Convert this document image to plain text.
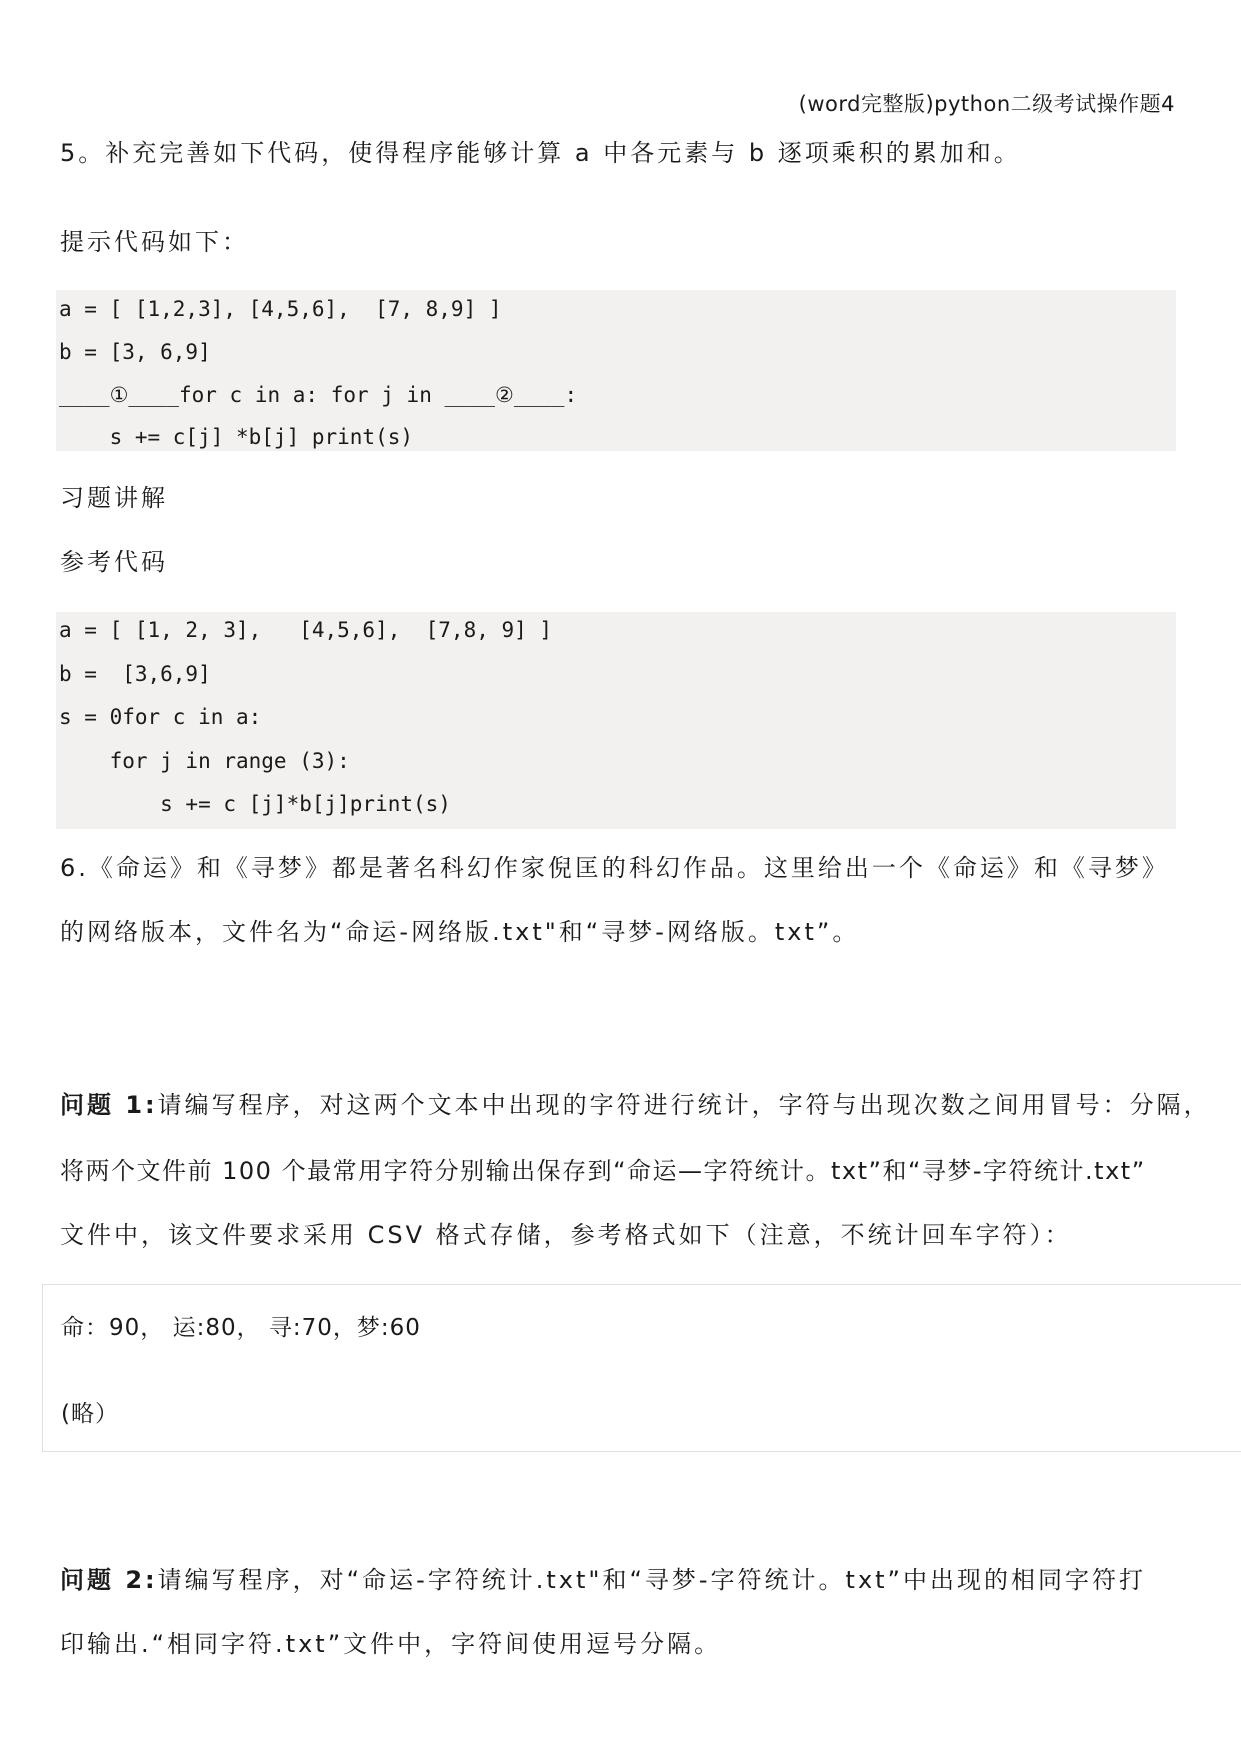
(word完整版)python二级考试操作题4
5。补充完善如下代码，使得程序能够计算 a 中各元素与 b 逐项乘积的累加和。
提示代码如下：
a = [ [1,2,3], [4,5,6],  [7, 8,9] ]
b = [3, 6,9]
____①____for c in a: for j in ____②____:
s += c[j] *b[j] print(s)
习题讲解
参考代码
a = [ [1, 2, 3],   [4,5,6],  [7,8, 9] ]
b =  [3,6,9]
s = 0for c in a:
for j in range (3):
s += c [j]*b[j]print(s)
6.《命运》和《寻梦》都是著名科幻作家倪匡的科幻作品。这里给出一个《命运》和《寻梦》
的网络版本，文件名为“命运-网络版.txt"和“寻梦-网络版。txt”。
问题 1:请编写程序，对这两个文本中出现的字符进行统计，字符与出现次数之间用冒号：分隔，
将两个文件前 100 个最常用字符分别输出保存到“命运—字符统计。txt”和“寻梦-字符统计.txt”
文件中，该文件要求采用 CSV 格式存储，参考格式如下（注意，不统计回车字符）：
命：90， 运:80， 寻:70，梦:60
(略）
问题 2:请编写程序，对“命运-字符统计.txt"和“寻梦-字符统计。txt”中出现的相同字符打
印输出.“相同字符.txt”文件中，字符间使用逗号分隔。
